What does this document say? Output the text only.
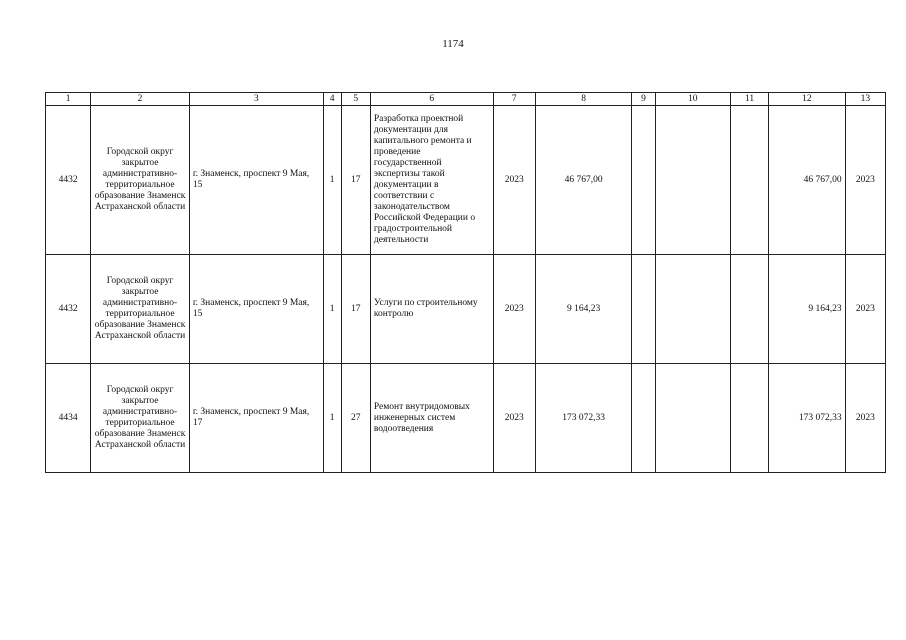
1174
1	2	3	4	5	6	7	8	9	10	11	12	13
4432	Городской округ закрытое административно-территориальное образование Знаменск Астраханской области	г. Знаменск, проспект 9 Мая, 15	1	17	Разработка проектной документации для капитального ремонта и проведение государственной экспертизы такой документации в соответствии с законодательством Российской Федерации о градостроительной деятельности	2023	46 767,00				46 767,00	2023
4432	Городской округ закрытое административно-территориальное образование Знаменск Астраханской области	г. Знаменск, проспект 9 Мая, 15	1	17	Услуги по строительному контролю	2023	9 164,23				9 164,23	2023
4434	Городской округ закрытое административно-территориальное образование Знаменск Астраханской области	г. Знаменск, проспект 9 Мая, 17	1	27	Ремонт внутридомовых инженерных систем водоотведения	2023	173 072,33				173 072,33	2023
